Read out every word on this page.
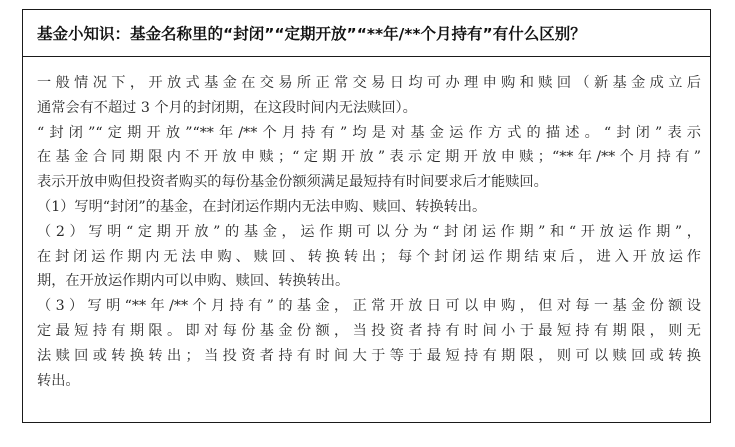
基金小知识：基金名称里的“封闭”“定期开放”“**年/**个月持有”有什么区别？
一般情况下，开放式基金在交易所正常交易日均可办理申购和赎回（新基金成立后
通常会有不超过 3 个月的封闭期，在这段时间内无法赎回）。
“封闭”“定期开放”“**年/**个月持有”均是对基金运作方式的描述。“封闭”表示
在基金合同期限内不开放申赎；“定期开放”表示定期开放申赎；“**年/**个月持有”
表示开放申购但投资者购买的每份基金份额须满足最短持有时间要求后才能赎回。
（1）写明“封闭”的基金，在封闭运作期内无法申购、赎回、转换转出。
（2）写明“定期开放”的基金，运作期可以分为“封闭运作期”和“开放运作期”，
在封闭运作期内无法申购、赎回、转换转出；每个封闭运作期结束后，进入开放运作
期，在开放运作期内可以申购、赎回、转换转出。
（3）写明“**年/**个月持有”的基金，正常开放日可以申购，但对每一基金份额设
定最短持有期限。即对每份基金份额，当投资者持有时间小于最短持有期限，则无
法赎回或转换转出；当投资者持有时间大于等于最短持有期限，则可以赎回或转换
转出。
